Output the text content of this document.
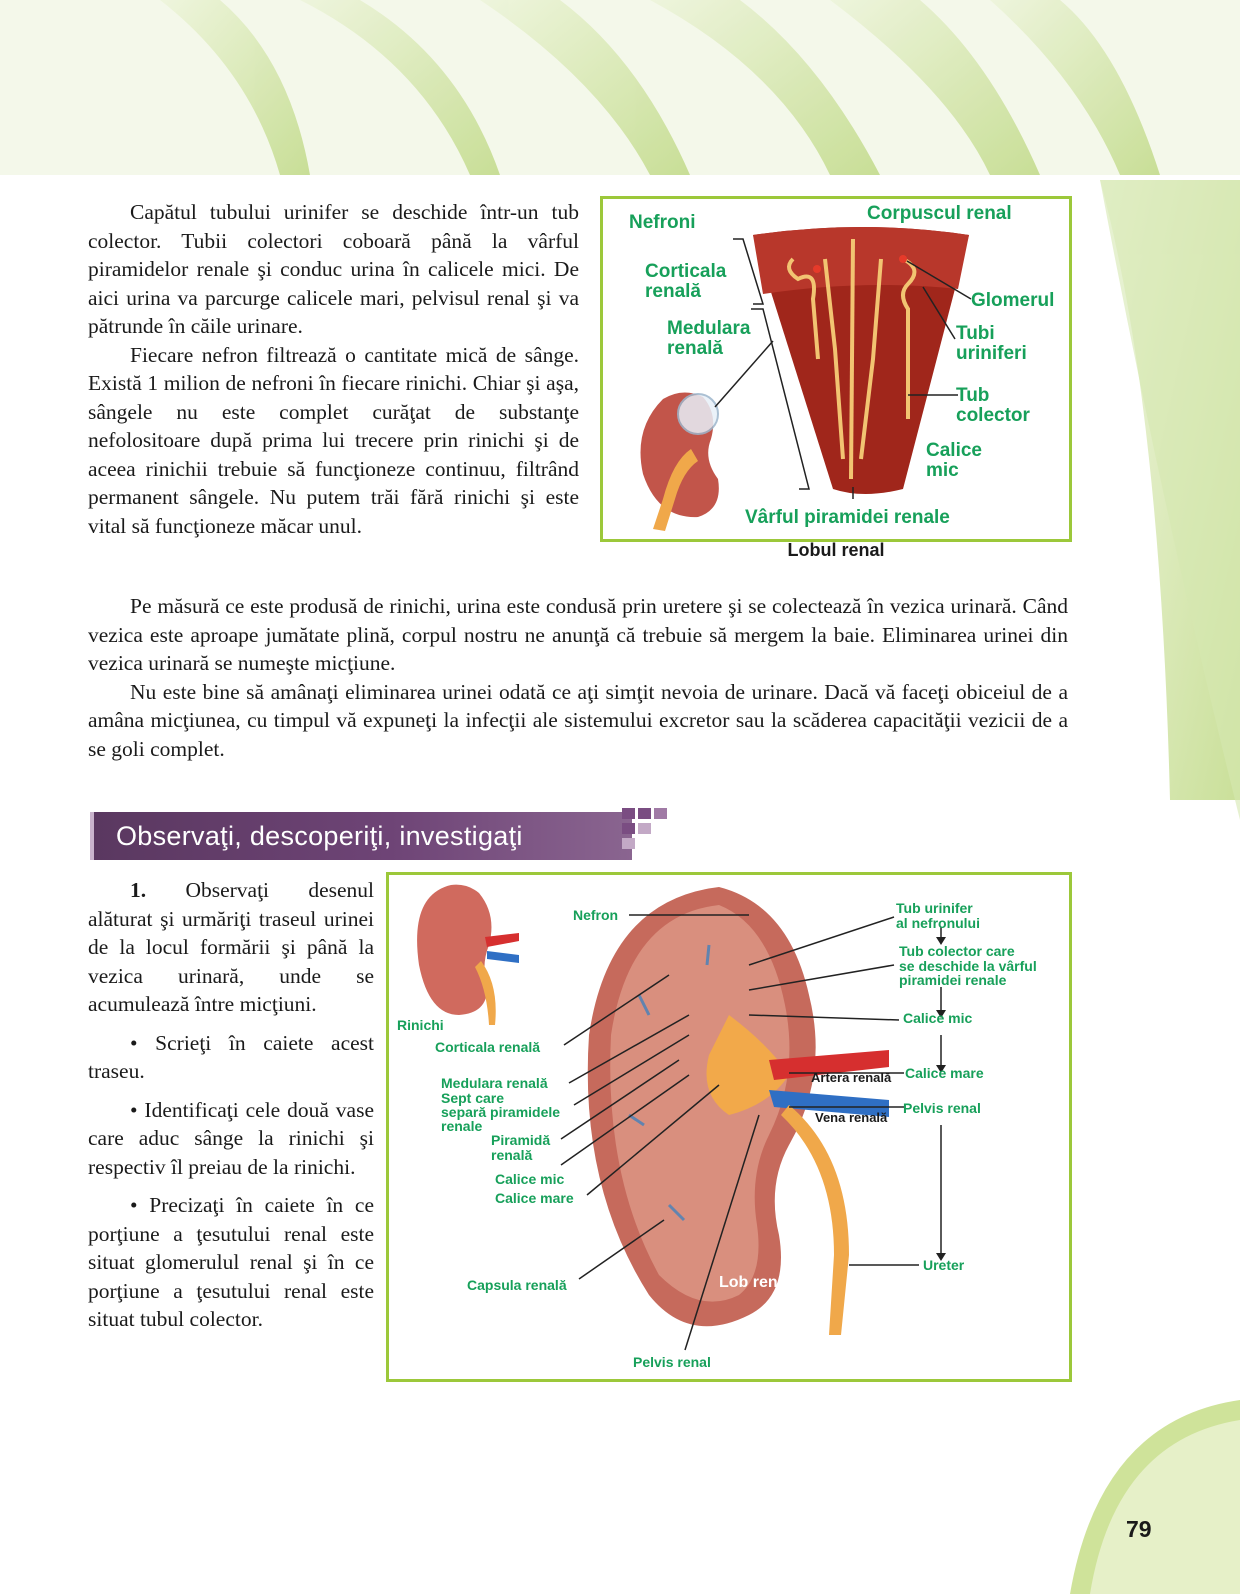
Capătul tubului urinifer se deschide într-un tub colector. Tubii colectori coboară până la vârful piramidelor renale şi conduc urina în calicele mici. De aici urina va parcurge calicele mari, pelvisul renal şi va pătrunde în căile urinare.

Fiecare nefron filtrează o cantitate mică de sânge. Există 1 milion de nefroni în fiecare rinichi. Chiar şi aşa, sângele nu este complet curăţat de substanţe nefolositoare după prima lui trecere prin rinichi şi de aceea rinichii trebuie să funcţioneze continuu, filtrând permanent sângele. Nu putem trăi fără rinichi şi este vital să funcţioneze măcar unul.

Nefroni	Corpuscul renal
Corticala
renală
Medulara
renală
Glomerul
Tubi
uriniferi
Tub
colector
Calice
mic
Vârful piramidei renale
Lobul renal

Pe măsură ce este produsă de rinichi, urina este condusă prin uretere şi se colectează în vezica urinară. Când vezica este aproape jumătate plină, corpul nostru ne anunţă că trebuie să mergem la baie. Eliminarea urinei din vezica urinară se numeşte micţiune.

Nu este bine să amânaţi eliminarea urinei odată ce aţi simţit nevoia de urinare. Dacă vă faceţi obiceiul de a amâna micţiunea, cu timpul vă expuneţi la infecţii ale sistemului excretor sau la scăderea capacităţii vezicii de a se goli complet.

Observaţi, descoperiţi, investigaţi

1. Observaţi desenul alăturat şi urmăriţi traseul urinei de la locul formării şi până la vezica urinară, unde se acumulează între micţiuni.

• Scrieţi în caiete acest traseu.

• Identificaţi cele două vase care aduc sânge la rinichi şi respectiv îl preiau de la rinichi.

• Precizaţi în caiete în ce porţiune a ţesutului renal este situat glomerulul renal şi în ce porţiune a ţesutului renal este situat tubul colector.

Nefron	Tub urinifer
al nefronului
Tub colector care
se deschide la vârful
piramidei renale
Rinichi	Calice mic
Corticala renală
Medulara renală
Sept care
separă piramidele
renale
Piramidă
renală
Calice mic
Calice mare
Artera renală Calice mare
Vena renală
Pelvis renal
Capsula renală	Lob renal
Ureter
Pelvis renal
79
